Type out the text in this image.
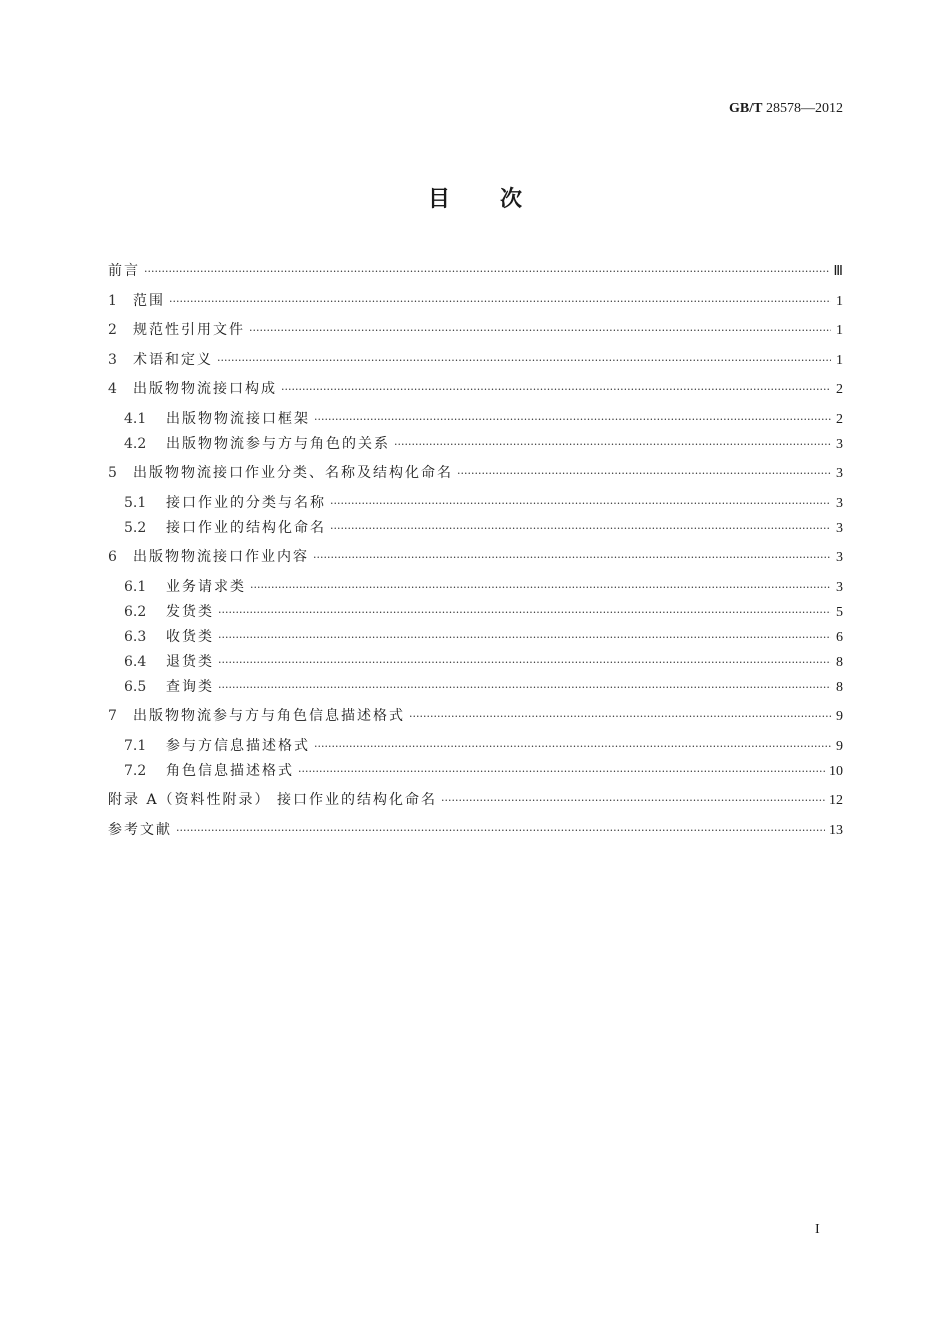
GB/T 28578—2012
目次
前言 ·····	Ⅲ
1	范围 ·····	1
2	规范性引用文件 ·····	1
3	术语和定义 ·····	1
4	出版物物流接口构成 ·····	2
4.1	出版物物流接口框架 ·····	2
4.2	出版物物流参与方与角色的关系 ·····	3
5	出版物物流接口作业分类、名称及结构化命名 ·····	3
5.1	接口作业的分类与名称 ·····	3
5.2	接口作业的结构化命名 ·····	3
6	出版物物流接口作业内容 ·····	3
6.1	业务请求类 ·····	3
6.2	发货类 ·····	5
6.3	收货类 ·····	6
6.4	退货类 ·····	8
6.5	查询类 ·····	8
7	出版物物流参与方与角色信息描述格式 ·····	9
7.1	参与方信息描述格式 ·····	9
7.2	角色信息描述格式 ·····	10
附录 A（资料性附录） 接口作业的结构化命名 ·····	12
参考文献 ·····	13
I
